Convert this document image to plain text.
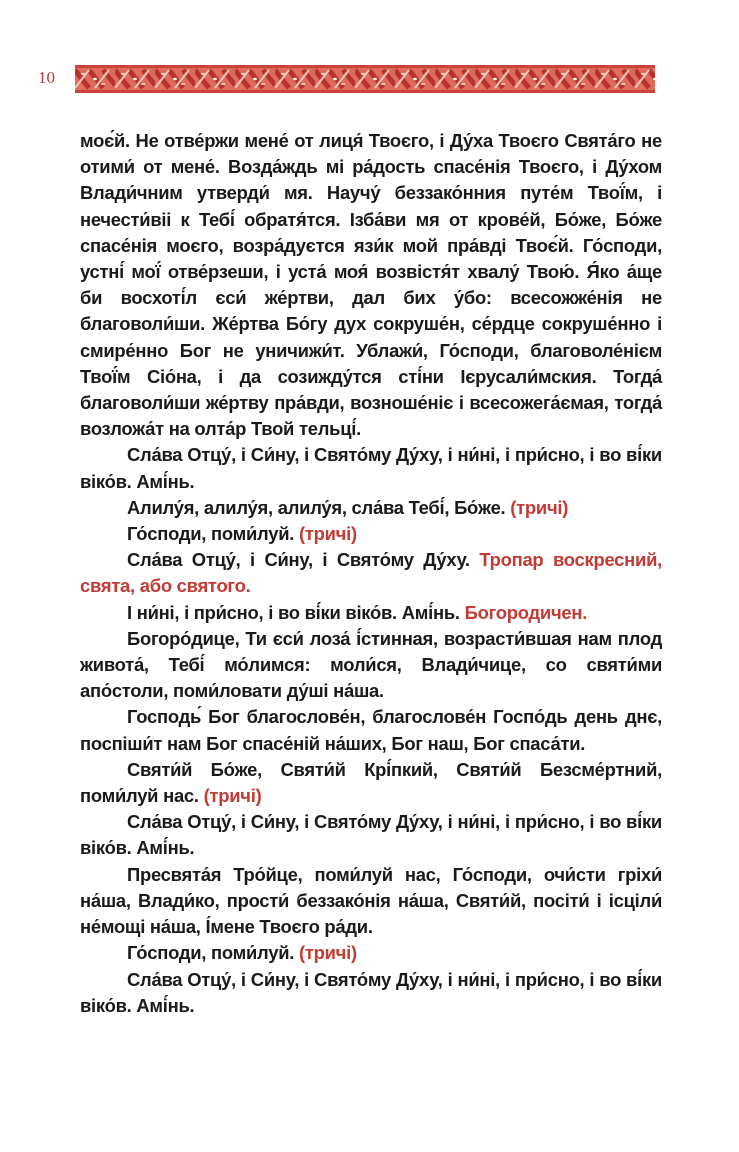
10

моє́й. Не отве́ржи мене́ от лиця́ Твоєго, і Ду́ха Твоєго Свята́го не отими́ от мене́. Возда́ждь мі ра́дость спасе́нія Твоєго, і Ду́хом Влади́чним утверди́ мя. Научу́ беззако́нния путе́м Твої́м, і нечести́віі к Тебі́ обратя́тся. Ізба́ви мя от крове́й, Бо́же, Бо́же спасе́нія моєго, возра́дуєтся язи́к мой пра́вді Твоє́й. Го́споди, устні́ мої́ отве́рзеши, і уста́ моя́ возвістя́т хвалу́ Твою́. Я́ко а́ще би восхоті́л єси́ же́ртви, дал бих у́бо: всесожже́нія не благоволи́ши. Же́ртва Бо́гу дух сокруше́н, се́рдце сокруше́нно і смире́нно Бог не уничижи́т. Ублажи́, Го́споди, благоволе́нієм Твої́м Сіо́на, і да созижду́тся сті́ни Ієрусали́мския. Тогда́ благоволи́ши же́ртву пра́вди, возноше́ніє і всесожега́ємая, тогда́ возложа́т на олта́р Твой тельці́.

Сла́ва Отцу́, і Си́ну, і Свято́му Ду́ху, і ни́ні, і при́сно, і во ві́ки віко́в. Амі́нь.

Алилу́я, алилу́я, алилу́я, сла́ва Тебі́, Бо́же. (тричі)

Го́споди, поми́луй. (тричі)

Сла́ва Отцу́, і Си́ну, і Свято́му Ду́ху. Тропар воскресний, свята, або святого.

І ни́ні, і при́сно, і во ві́ки віко́в. Амі́нь. Богородичен.

Богоро́дице, Ти єси́ лоза́ і́стинная, возрасти́вшая нам плод живота́, Тебі́ мо́лимся: моли́ся, Влади́чице, со святи́ми апо́столи, поми́ловати ду́ші на́ша.

Господь́ Бог благослове́н, благослове́н Госпо́дь день днє, поспіши́т нам Бог спасе́ній на́ших, Бог наш, Бог спаса́ти.

Святи́й Бо́же, Святи́й Крі́пкий, Святи́й Безсме́ртний, поми́луй нас. (тричі)

Сла́ва Отцу́, і Си́ну, і Свято́му Ду́ху, і ни́ні, і при́сно, і во ві́ки віко́в. Амі́нь.

Пресвята́я Тро́йце, поми́луй нас, Го́споди, очи́сти гріхи́ на́ша, Влади́ко, прости́ беззако́нія на́ша, Святи́й, посіти́ і ісціли́ не́мощі на́ша, І́мене Твоєго ра́ди.

Го́споди, поми́луй. (тричі)

Сла́ва Отцу́, і Си́ну, і Свято́му Ду́ху, і ни́ні, і при́сно, і во ві́ки віко́в. Амі́нь.
